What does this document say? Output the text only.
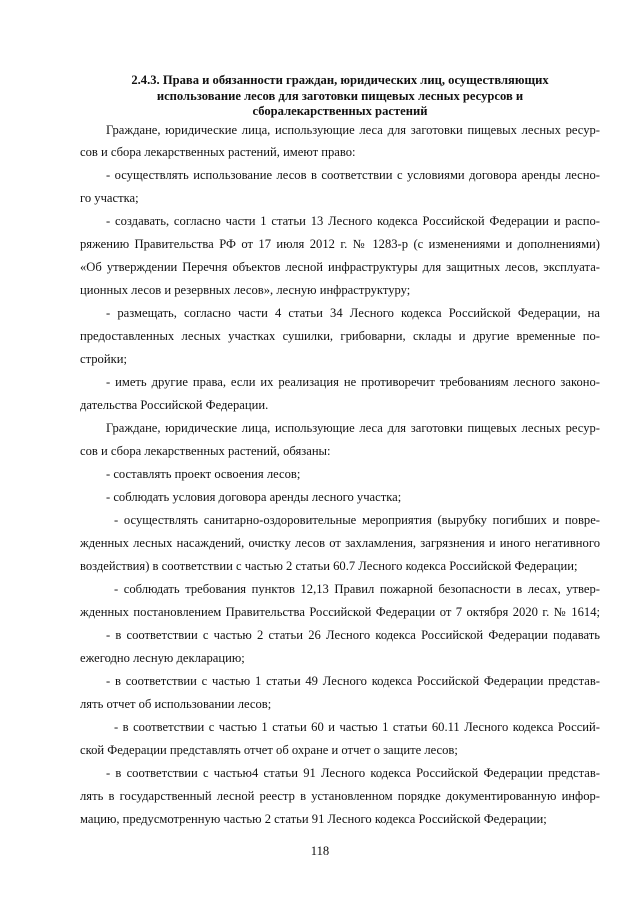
2.4.3. Права и обязанности граждан, юридических лиц, осуществляющих
использование лесов для заготовки пищевых лесных ресурсов и
сборалекарственных растений
Граждане, юридические лица, использующие леса для заготовки пищевых лесных ресур-
сов и сбора лекарственных растений, имеют право:
- осуществлять использование лесов в соответствии с условиями договора аренды лесно-
го участка;
- создавать, согласно части 1 статьи 13 Лесного кодекса Российской Федерации и распо-
ряжению Правительства РФ от 17 июля 2012 г. № 1283-р (с изменениями и дополнениями)
«Об утверждении Перечня объектов лесной инфраструктуры для защитных лесов, эксплуата-
ционных лесов и резервных лесов», лесную инфраструктуру;
- размещать, согласно части 4 статьи 34 Лесного кодекса Российской Федерации, на
предоставленных лесных участках сушилки, грибоварни, склады и другие временные по-
стройки;
- иметь другие права, если их реализация не противоречит требованиям лесного законо-
дательства Российской Федерации.
Граждане, юридические лица, использующие леса для заготовки пищевых лесных ресур-
сов и сбора лекарственных растений, обязаны:
- составлять проект освоения лесов;
- соблюдать условия договора аренды лесного участка;
- осуществлять санитарно-оздоровительные мероприятия (вырубку погибших и повре-
жденных лесных насаждений, очистку лесов от захламления, загрязнения и иного негативного
воздействия) в соответствии с частью 2 статьи 60.7 Лесного кодекса Российской Федерации;
- соблюдать требования пунктов 12,13 Правил пожарной безопасности в лесах, утвер-
жденных постановлением Правительства Российской Федерации от 7 октября 2020 г. № 1614;
- в соответствии с частью 2 статьи 26 Лесного кодекса Российской Федерации подавать
ежегодно лесную декларацию;
- в соответствии с частью 1 статьи 49 Лесного кодекса Российской Федерации представ-
лять отчет об использовании лесов;
- в соответствии с частью 1 статьи 60 и частью 1 статьи 60.11 Лесного кодекса Россий-
ской Федерации представлять отчет об охране и отчет о защите лесов;
- в соответствии с частью4 статьи 91 Лесного кодекса Российской Федерации представ-
лять в государственный лесной реестр в установленном порядке документированную инфор-
мацию, предусмотренную частью 2 статьи 91 Лесного кодекса Российской Федерации;
118
